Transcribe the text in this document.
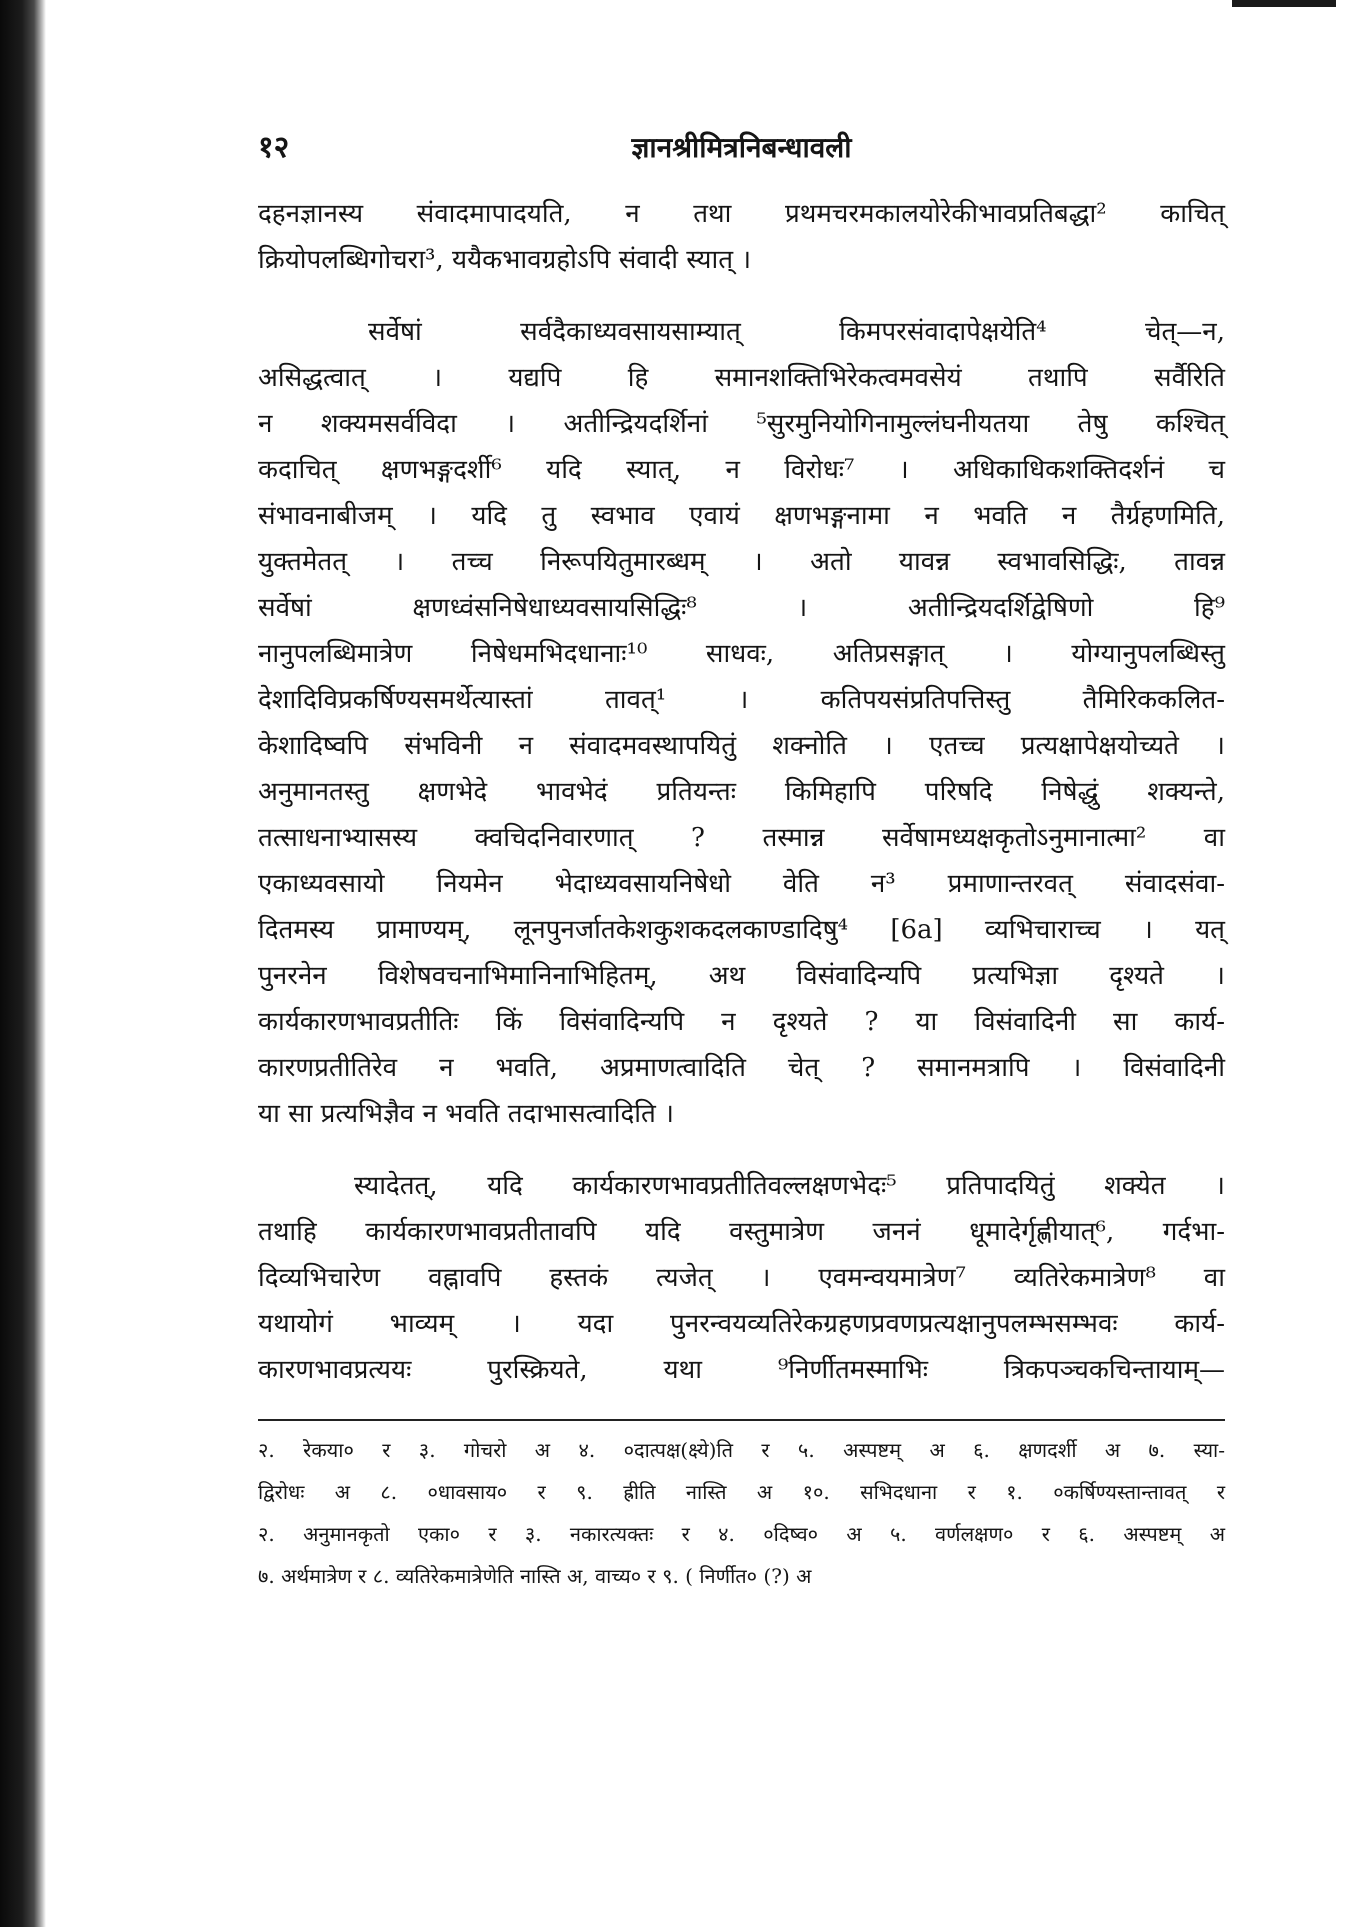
१२	ज्ञानश्रीमित्रनिबन्धावली
दहनज्ञानस्य संवादमापादयति, न तथा प्रथमचरमकालयोरेकीभावप्रतिबद्धा² काचित्
क्रियोपलब्धिगोचरा³, ययैकभावग्रहोऽपि संवादी स्यात् ।
सर्वेषां सर्वदैकाध्यवसायसाम्यात् किमपरसंवादापेक्षयेति⁴ चेत्—न,
असिद्धत्वात् । यद्यपि हि समानशक्तिभिरेकत्वमवसेयं तथापि सर्वैरिति
न शक्यमसर्वविदा । अतीन्द्रियदर्शिनां ⁵सुरमुनियोगिनामुल्लंघनीयतया तेषु कश्चित्
कदाचित् क्षणभङ्गदर्शी⁶ यदि स्यात्, न विरोधः⁷ । अधिकाधिकशक्तिदर्शनं च
संभावनाबीजम् । यदि तु स्वभाव एवायं क्षणभङ्गनामा न भवति न तैर्ग्रहणमिति,
युक्तमेतत् । तच्च निरूपयितुमारब्धम् । अतो यावन्न स्वभावसिद्धिः, तावन्न
सर्वेषां क्षणध्वंसनिषेधाध्यवसायसिद्धिः⁸ । अतीन्द्रियदर्शिद्वेषिणो हि⁹
नानुपलब्धिमात्रेण निषेधमभिदधानाः¹⁰ साधवः, अतिप्रसङ्गात् । योग्यानुपलब्धिस्तु
देशादिविप्रकर्षिण्यसमर्थेत्यास्तां तावत्¹ । कतिपयसंप्रतिपत्तिस्तु तैमिरिककलित-
केशादिष्वपि संभविनी न संवादमवस्थापयितुं शक्नोति । एतच्च प्रत्यक्षापेक्षयोच्यते ।
अनुमानतस्तु क्षणभेदे भावभेदं प्रतियन्तः किमिहापि परिषदि निषेद्धुं शक्यन्ते,
तत्साधनाभ्यासस्य क्वचिदनिवारणात् ? तस्मान्न सर्वेषामध्यक्षकृतोऽनुमानात्मा² वा
एकाध्यवसायो नियमेन भेदाध्यवसायनिषेधो वेति न³ प्रमाणान्तरवत् संवादसंवा-
दितमस्य प्रामाण्यम्, लूनपुनर्जातकेशकुशकदलकाण्डादिषु⁴ [6a] व्यभिचाराच्च । यत्
पुनरनेन विशेषवचनाभिमानिनाभिहितम्, अथ विसंवादिन्यपि प्रत्यभिज्ञा दृश्यते ।
कार्यकारणभावप्रतीतिः किं विसंवादिन्यपि न दृश्यते ? या विसंवादिनी सा कार्य-
कारणप्रतीतिरेव न भवति, अप्रमाणत्वादिति चेत् ? समानमत्रापि । विसंवादिनी
या सा प्रत्यभिज्ञैव न भवति तदाभासत्वादिति ।
स्यादेतत्, यदि कार्यकारणभावप्रतीतिवल्लक्षणभेदः⁵ प्रतिपादयितुं शक्येत ।
तथाहि कार्यकारणभावप्रतीतावपि यदि वस्तुमात्रेण जननं धूमादेर्गृह्णीयात्⁶, गर्दभा-
दिव्यभिचारेण वह्नावपि हस्तकं त्यजेत् । एवमन्वयमात्रेण⁷ व्यतिरेकमात्रेण⁸ वा
यथायोगं भाव्यम् । यदा पुनरन्वयव्यतिरेकग्रहणप्रवणप्रत्यक्षानुपलम्भसम्भवः कार्य-
कारणभावप्रत्ययः पुरस्क्रियते, यथा ⁹निर्णीतमस्माभिः त्रिकपञ्चकचिन्तायाम्—
२. रेकया० र ३. गोचरो अ ४. ०दात्पक्ष(क्ष्ये)ति र ५. अस्पष्टम् अ ६. क्षणदर्शी अ ७. स्या-
द्विरोधः अ ८. ०धावसाय० र ९. ह्रीति नास्ति अ १०. सभिदधाना र १. ०कर्षिण्यस्तान्तावत् र
२. अनुमानकृतो एका० र ३. नकारत्यक्तः र ४. ०दिष्व० अ ५. वर्णलक्षण० र ६. अस्पष्टम् अ
७. अर्थमात्रेण र ८. व्यतिरेकमात्रेणेति नास्ति अ, वाच्य० र ९. ( निर्णीत० (?) अ
